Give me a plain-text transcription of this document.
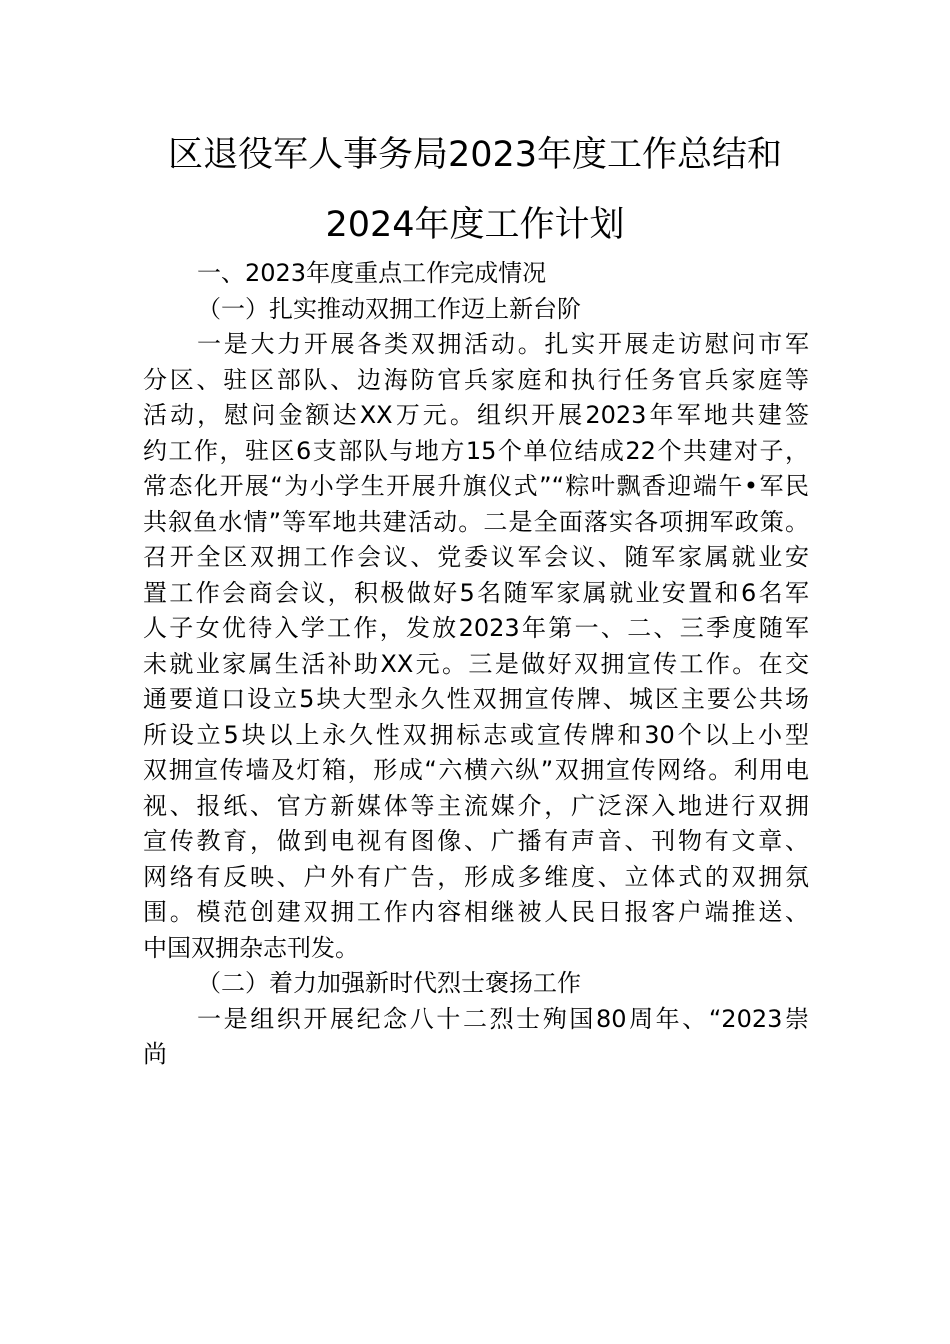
区退役军人事务局2023年度工作总结和
2024年度工作计划
一、2023年度重点工作完成情况
（一）扎实推动双拥工作迈上新台阶
一是大力开展各类双拥活动。扎实开展走访慰问市军
分区、驻区部队、边海防官兵家庭和执行任务官兵家庭等
活动，慰问金额达XX万元。组织开展2023年军地共建签
约工作，驻区6支部队与地方15个单位结成22个共建对子，
常态化开展“为小学生开展升旗仪式”“粽叶飘香迎端午•军民
共叙鱼水情”等军地共建活动。二是全面落实各项拥军政策。
召开全区双拥工作会议、党委议军会议、随军家属就业安
置工作会商会议，积极做好5名随军家属就业安置和6名军
人子女优待入学工作，发放2023年第一、二、三季度随军
未就业家属生活补助XX元。三是做好双拥宣传工作。在交
通要道口设立5块大型永久性双拥宣传牌、城区主要公共场
所设立5块以上永久性双拥标志或宣传牌和30个以上小型
双拥宣传墙及灯箱，形成“六横六纵”双拥宣传网络。利用电
视、报纸、官方新媒体等主流媒介，广泛深入地进行双拥
宣传教育，做到电视有图像、广播有声音、刊物有文章、
网络有反映、户外有广告，形成多维度、立体式的双拥氛
围。模范创建双拥工作内容相继被人民日报客户端推送、
中国双拥杂志刊发。
（二）着力加强新时代烈士褒扬工作
一是组织开展纪念八十二烈士殉国80周年、“2023崇
尚
